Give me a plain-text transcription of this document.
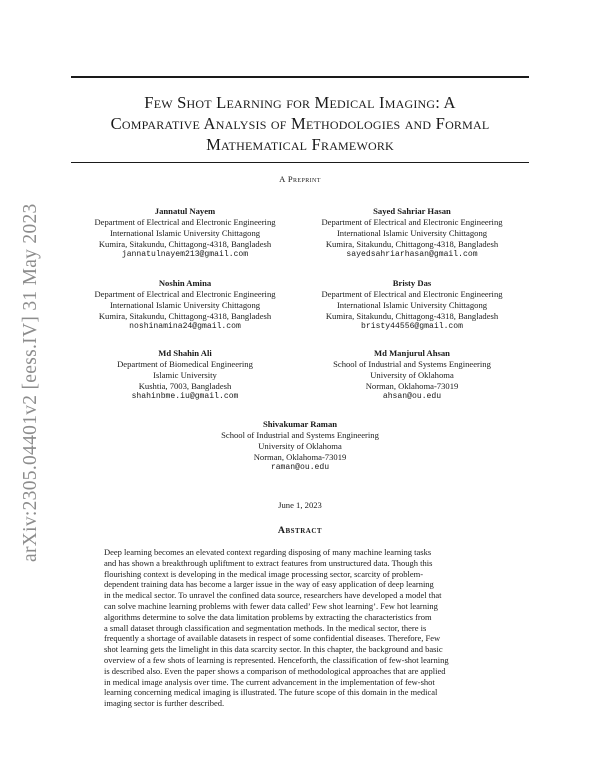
arXiv:2305.04401v2 [eess.IV] 31 May 2023
Few Shot Learning for Medical Imaging: A
Comparative Analysis of Methodologies and Formal
Mathematical Framework
A Preprint
Jannatul Nayem
Department of Electrical and Electronic Engineering
International Islamic University Chittagong
Kumira, Sitakundu, Chittagong-4318, Bangladesh
jannatulnayem213@gmail.com
Sayed Sahriar Hasan
Department of Electrical and Electronic Engineering
International Islamic University Chittagong
Kumira, Sitakundu, Chittagong-4318, Bangladesh
sayedsahriarhasan@gmail.com
Noshin Amina
Department of Electrical and Electronic Engineering
International Islamic University Chittagong
Kumira, Sitakundu, Chittagong-4318, Bangladesh
noshinamina24@gmail.com
Bristy Das
Department of Electrical and Electronic Engineering
International Islamic University Chittagong
Kumira, Sitakundu, Chittagong-4318, Bangladesh
bristy44556@gmail.com
Md Shahin Ali
Department of Biomedical Engineering
Islamic University
Kushtia, 7003, Bangladesh
shahinbme.iu@gmail.com
Md Manjurul Ahsan
School of Industrial and Systems Engineering
University of Oklahoma
Norman, Oklahoma-73019
ahsan@ou.edu
Shivakumar Raman
School of Industrial and Systems Engineering
University of Oklahoma
Norman, Oklahoma-73019
raman@ou.edu
June 1, 2023
Abstract
Deep learning becomes an elevated context regarding disposing of many machine learning tasks
and has shown a breakthrough upliftment to extract features from unstructured data. Though this
flourishing context is developing in the medical image processing sector, scarcity of problem-
dependent training data has become a larger issue in the way of easy application of deep learning
in the medical sector. To unravel the confined data source, researchers have developed a model that
can solve machine learning problems with fewer data called’ Few shot learning’. Few hot learning
algorithms determine to solve the data limitation problems by extracting the characteristics from
a small dataset through classification and segmentation methods. In the medical sector, there is
frequently a shortage of available datasets in respect of some confidential diseases. Therefore, Few
shot learning gets the limelight in this data scarcity sector. In this chapter, the background and basic
overview of a few shots of learning is represented. Henceforth, the classification of few-shot learning
is described also. Even the paper shows a comparison of methodological approaches that are applied
in medical image analysis over time. The current advancement in the implementation of few-shot
learning concerning medical imaging is illustrated. The future scope of this domain in the medical
imaging sector is further described.
